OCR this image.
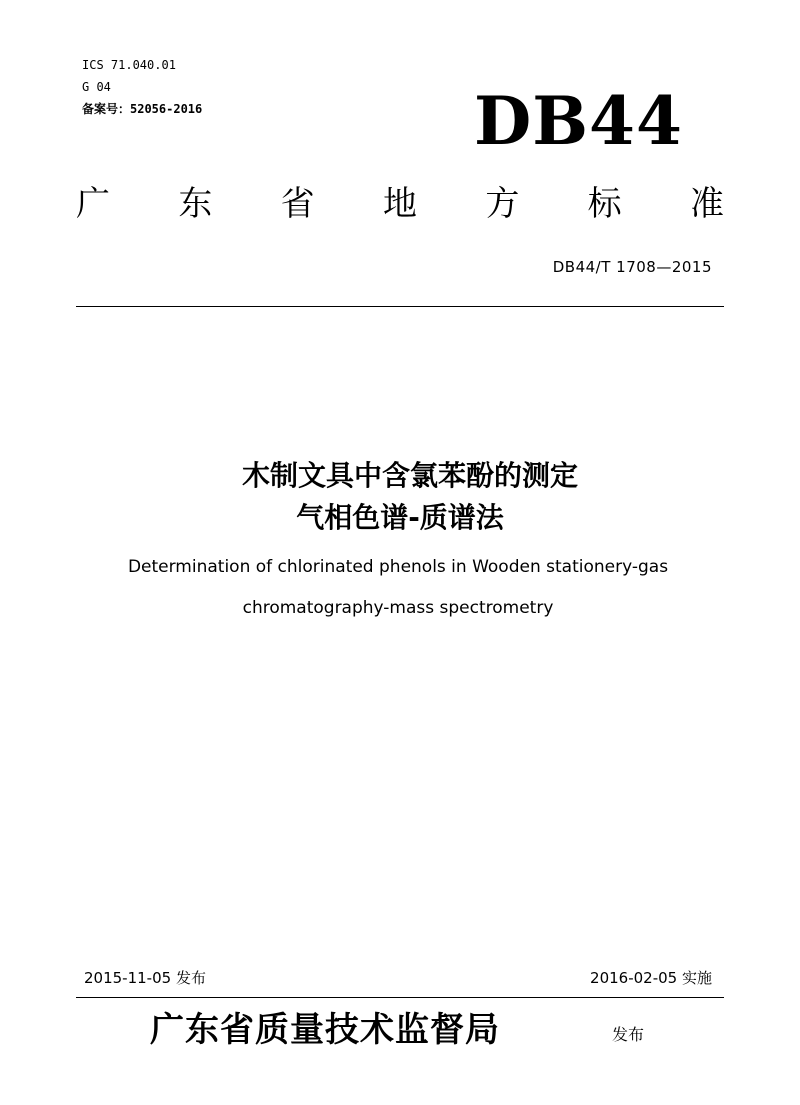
ICS 71.040.01
G 04
备案号：52056-2016	DB44
广 东 省 地 方 标 准
DB44/T 1708—2015
木制文具中含氯苯酚的测定
气相色谱-质谱法
Determination of chlorinated phenols in Wooden stationery-gas
chromatography-mass spectrometry
2015-11-05 发布	2016-02-05 实施
广东省质量技术监督局	发布
